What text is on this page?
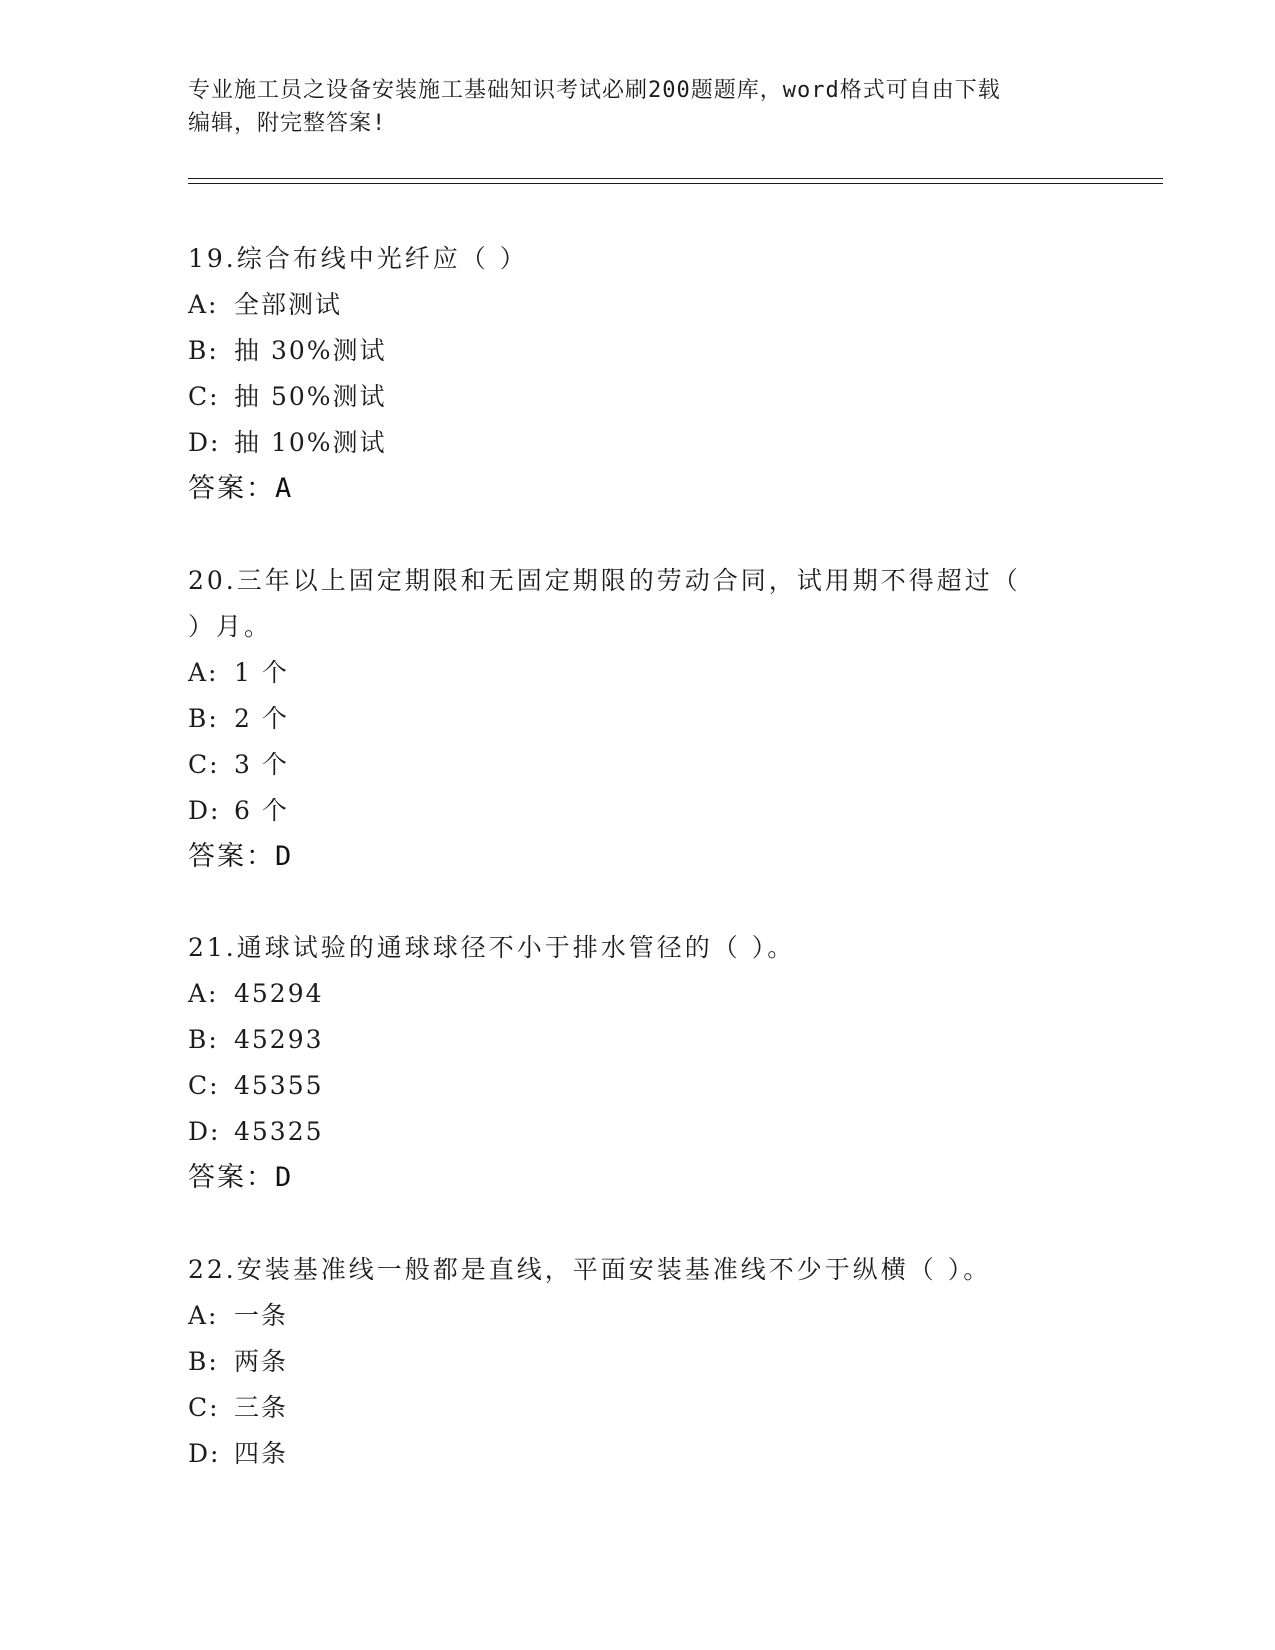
专业施工员之设备安装施工基础知识考试必刷200题题库，word格式可自由下载
编辑，附完整答案!
19.综合布线中光纤应（ ）
A: 全部测试
B: 抽 30%测试
C: 抽 50%测试
D: 抽 10%测试
答案：A
20.三年以上固定期限和无固定期限的劳动合同，试用期不得超过（
）月。
A: 1 个
B: 2 个
C: 3 个
D: 6 个
答案：D
21.通球试验的通球球径不小于排水管径的（ ）。
A: 45294
B: 45293
C: 45355
D: 45325
答案：D
22.安装基准线一般都是直线，平面安装基准线不少于纵横（ ）。
A: 一条
B: 两条
C: 三条
D: 四条
